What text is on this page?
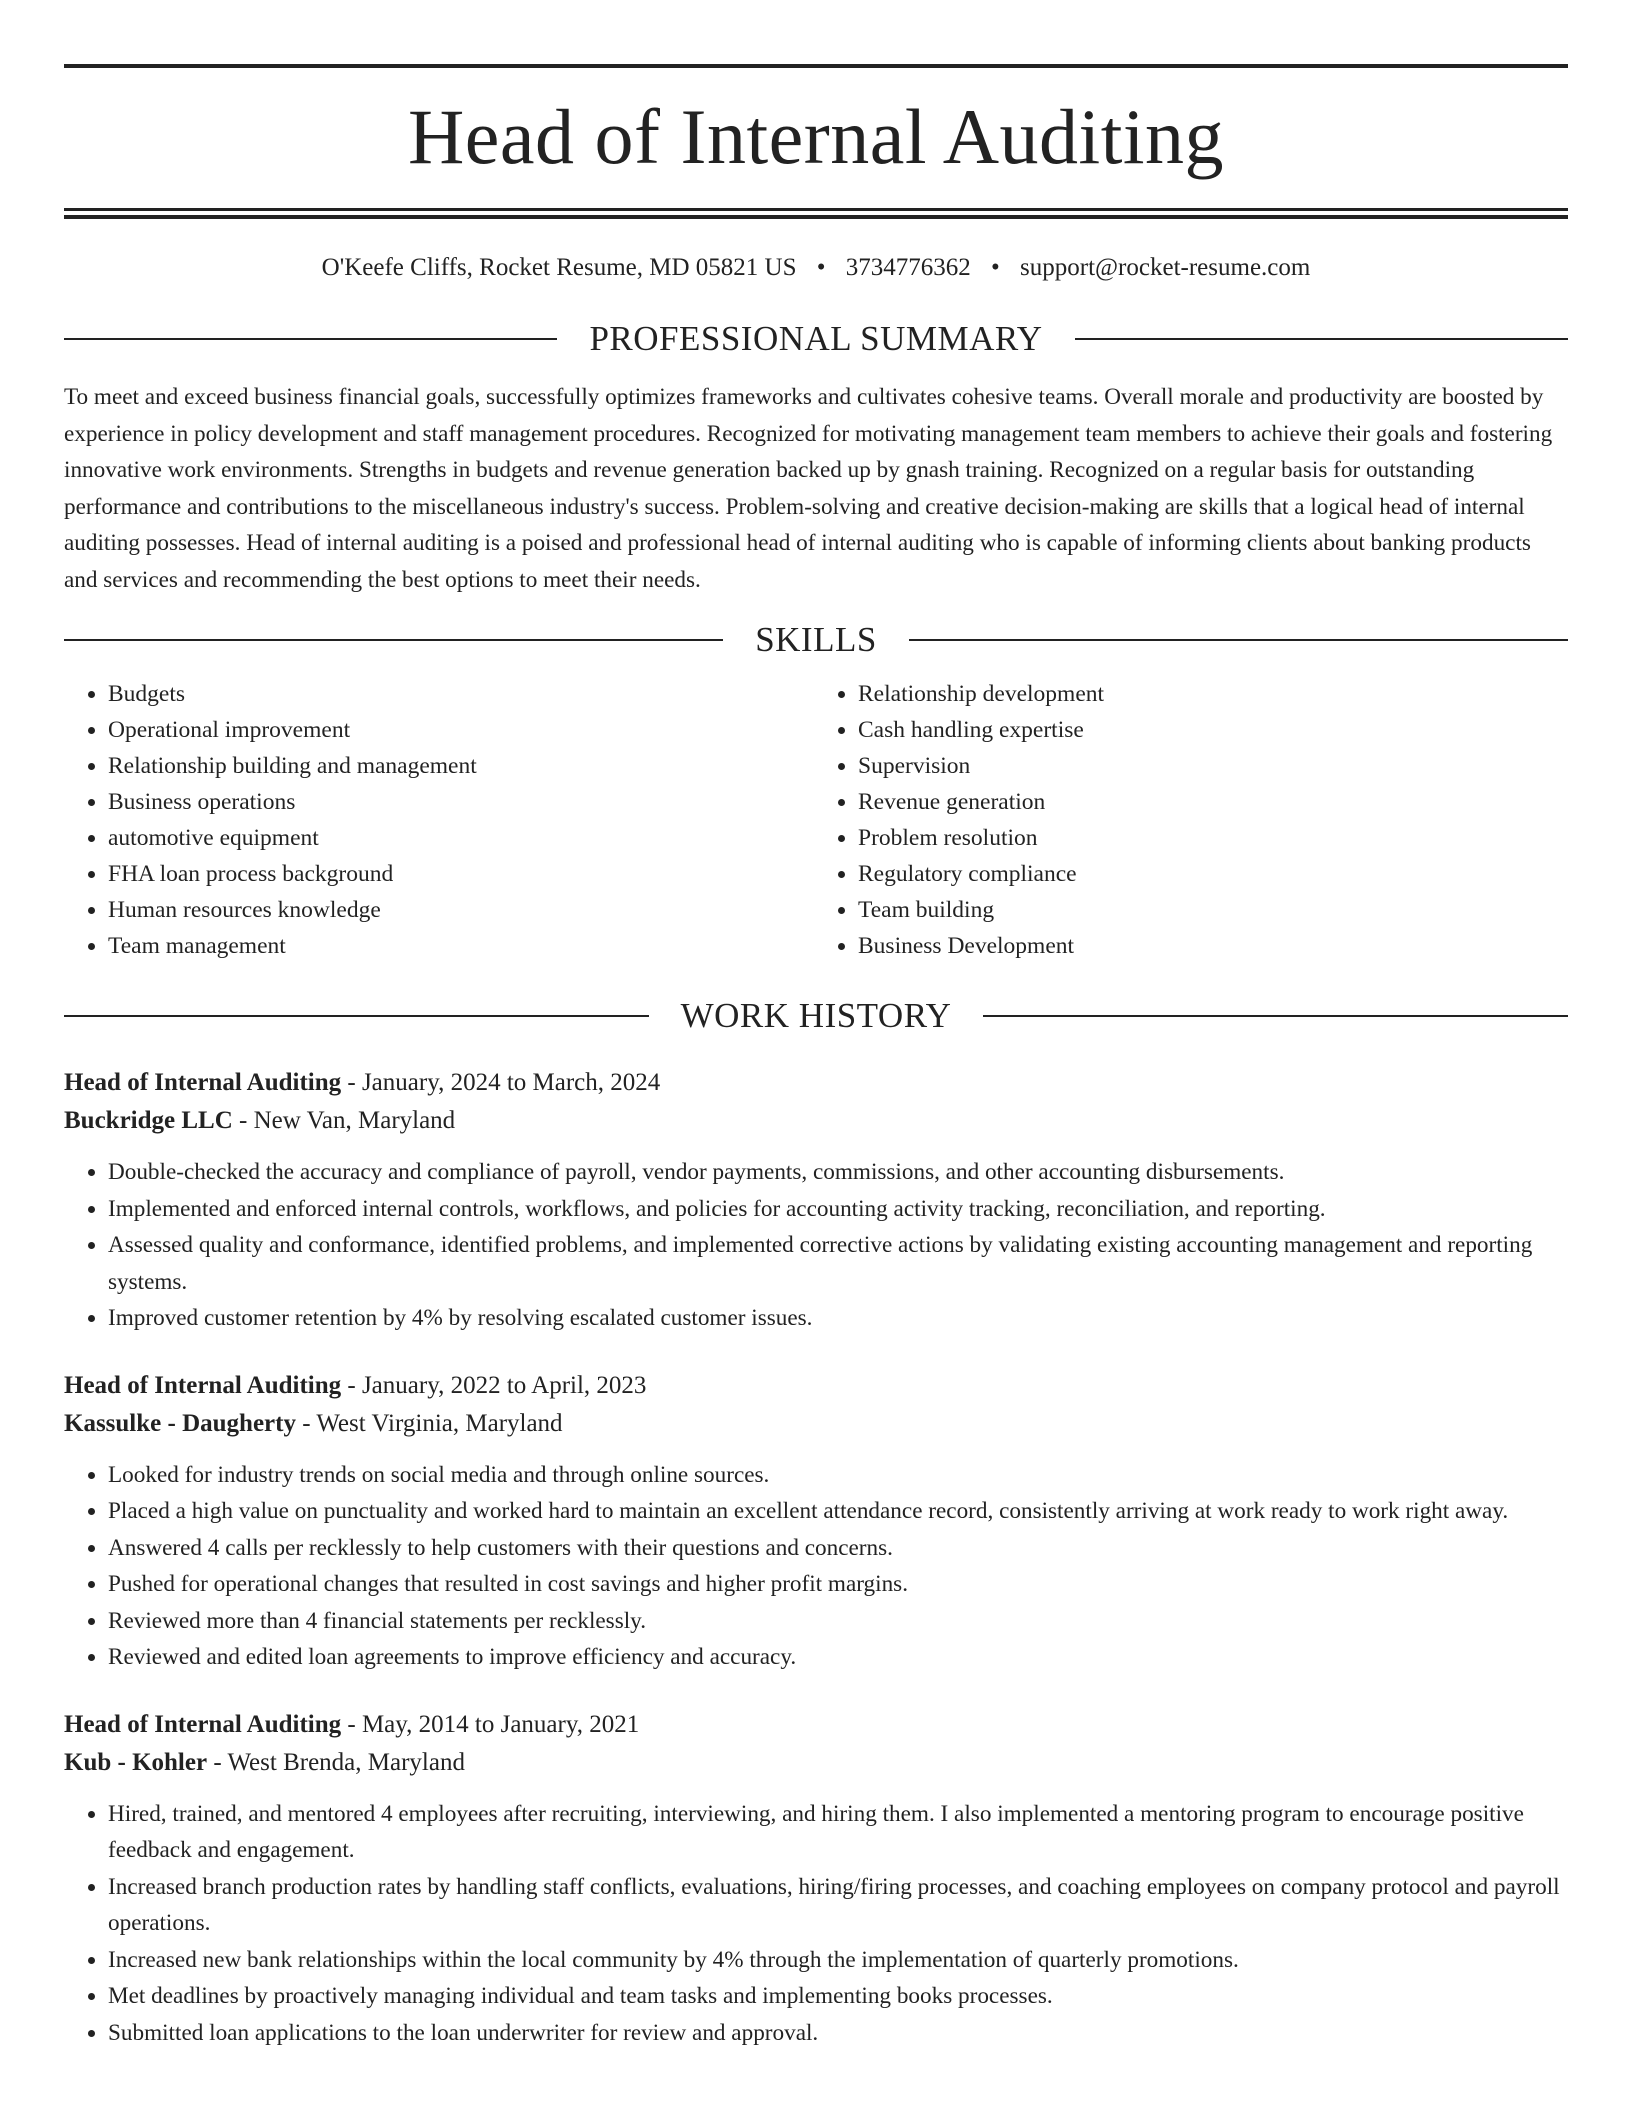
Head of Internal Auditing
O'Keefe Cliffs, Rocket Resume, MD 05821 US • 3734776362 • support@rocket-resume.com
PROFESSIONAL SUMMARY

To meet and exceed business financial goals, successfully optimizes frameworks and cultivates cohesive teams. Overall morale and productivity are boosted by experience in policy development and staff management procedures. Recognized for motivating management team members to achieve their goals and fostering innovative work environments. Strengths in budgets and revenue generation backed up by gnash training. Recognized on a regular basis for outstanding performance and contributions to the miscellaneous industry's success. Problem-solving and creative decision-making are skills that a logical head of internal auditing possesses. Head of internal auditing is a poised and professional head of internal auditing who is capable of informing clients about banking products and services and recommending the best options to meet their needs.

SKILLS
• Budgets
• Operational improvement
• Relationship building and management
• Business operations
• automotive equipment
• FHA loan process background
• Human resources knowledge
• Team management
• Relationship development
• Cash handling expertise
• Supervision
• Revenue generation
• Problem resolution
• Regulatory compliance
• Team building
• Business Development
WORK HISTORY

Head of Internal Auditing - January, 2024 to March, 2024

Buckridge LLC - New Van, Maryland

• Double-checked the accuracy and compliance of payroll, vendor payments, commissions, and other accounting disbursements.
• Implemented and enforced internal controls, workflows, and policies for accounting activity tracking, reconciliation, and reporting.
• Assessed quality and conformance, identified problems, and implemented corrective actions by validating existing accounting management and reporting systems.
• Improved customer retention by 4% by resolving escalated customer issues.

Head of Internal Auditing - January, 2022 to April, 2023

Kassulke - Daugherty - West Virginia, Maryland

• Looked for industry trends on social media and through online sources.
• Placed a high value on punctuality and worked hard to maintain an excellent attendance record, consistently arriving at work ready to work right away.
• Answered 4 calls per recklessly to help customers with their questions and concerns.
• Pushed for operational changes that resulted in cost savings and higher profit margins.
• Reviewed more than 4 financial statements per recklessly.
• Reviewed and edited loan agreements to improve efficiency and accuracy.

Head of Internal Auditing - May, 2014 to January, 2021

Kub - Kohler - West Brenda, Maryland

• Hired, trained, and mentored 4 employees after recruiting, interviewing, and hiring them. I also implemented a mentoring program to encourage positive feedback and engagement.
• Increased branch production rates by handling staff conflicts, evaluations, hiring/firing processes, and coaching employees on company protocol and payroll operations.
• Increased new bank relationships within the local community by 4% through the implementation of quarterly promotions.
• Met deadlines by proactively managing individual and team tasks and implementing books processes.
• Submitted loan applications to the loan underwriter for review and approval.
